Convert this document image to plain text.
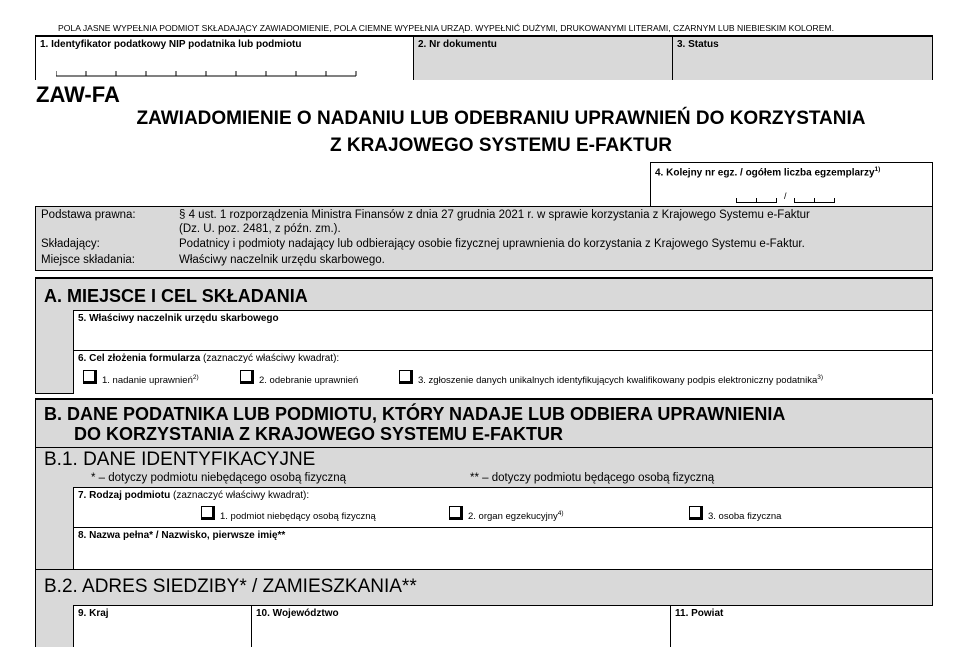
POLA JASNE WYPEŁNIA PODMIOT SKŁADAJĄCY ZAWIADOMIENIE, POLA CIEMNE WYPEŁNIA URZĄD. WYPEŁNIĆ DUŻYMI, DRUKOWANYMI LITERAMI, CZARNYM LUB NIEBIESKIM KOLOREM.
1. Identyfikator podatkowy NIP podatnika lub podmiotu	2. Nr dokumentu	3. Status
ZAW-FA
ZAWIADOMIENIE O NADANIU LUB ODEBRANIU UPRAWNIEŃ DO KORZYSTANIA
Z KRAJOWEGO SYSTEMU E-FAKTUR
4. Kolejny nr egz. / ogółem liczba egzemplarzy$^{1)}$
/
Podstawa prawna:	§ 4 ust. 1 rozporządzenia Ministra Finansów z dnia 27 grudnia 2021 r. w sprawie korzystania z Krajowego Systemu e-Faktur
(Dz. U. poz. 2481, z późn. zm.).
Składający:	Podatnicy i podmioty nadający lub odbierający osobie fizycznej uprawnienia do korzystania z Krajowego Systemu e-Faktur.
Miejsce składania:	Właściwy naczelnik urzędu skarbowego.
A. MIEJSCE I CEL SKŁADANIA
5. Właściwy naczelnik urzędu skarbowego
6. Cel złożenia formularza (zaznaczyć właściwy kwadrat):
1. nadanie uprawnień$^{2)}$	2. odebranie uprawnień	3. zgłoszenie danych unikalnych identyfikujących kwalifikowany podpis elektroniczny podatnika$^{3)}$
B. DANE PODATNIKA LUB PODMIOTU, KTÓRY NADAJE LUB ODBIERA UPRAWNIENIA
DO KORZYSTANIA Z KRAJOWEGO SYSTEMU E-FAKTUR
B.1. DANE IDENTYFIKACYJNE
* – dotyczy podmiotu niebędącego osobą fizyczną	** – dotyczy podmiotu będącego osobą fizyczną
7. Rodzaj podmiotu (zaznaczyć właściwy kwadrat):
1. podmiot niebędący osobą fizyczną	2. organ egzekucyjny$^{4)}$	3. osoba fizyczna
8. Nazwa pełna* / Nazwisko, pierwsze imię**
B.2. ADRES SIEDZIBY* / ZAMIESZKANIA**
9. Kraj	10. Województwo	11. Powiat
